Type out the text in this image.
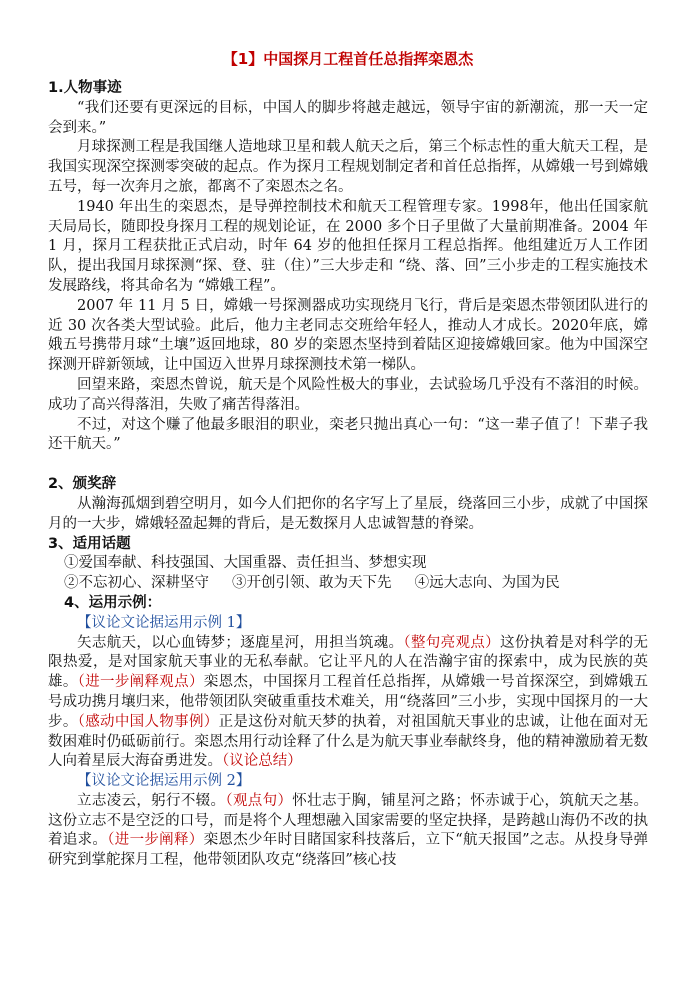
【1】中国探月工程首任总指挥栾恩杰
1.人物事迹

“我们还要有更深远的目标，中国人的脚步将越走越远，领导宇宙的新潮流，那一天一定会到来。”

月球探测工程是我国继人造地球卫星和载人航天之后，第三个标志性的重大航天工程，是我国实现深空探测零突破的起点。作为探月工程规划制定者和首任总指挥，从嫦娥一号到嫦娥五号，每一次奔月之旅，都离不了栾恩杰之名。

1940 年出生的栾恩杰，是导弹控制技术和航天工程管理专家。1998年，他出任国家航天局局长，随即投身探月工程的规划论证，在 2000 多个日子里做了大量前期准备。2004 年 1 月，探月工程获批正式启动，时年 64 岁的他担任探月工程总指挥。他组建近万人工作团队，提出我国月球探测“探、登、驻（住）”三大步走和 “绕、落、回”三小步走的工程实施技术发展路线，将其命名为 “嫦娥工程”。

2007 年 11 月 5 日，嫦娥一号探测器成功实现绕月飞行，背后是栾恩杰带领团队进行的近 30 次各类大型试验。此后，他力主老同志交班给年轻人，推动人才成长。2020年底，嫦娥五号携带月球“土壤”返回地球，80 岁的栾恩杰坚持到着陆区迎接嫦娥回家。他为中国深空探测开辟新领域，让中国迈入世界月球探测技术第一梯队。

回望来路，栾恩杰曾说，航天是个风险性极大的事业，去试验场几乎没有不落泪的时候。成功了高兴得落泪，失败了痛苦得落泪。

不过，对这个赚了他最多眼泪的职业，栾老只抛出真心一句：“这一辈子值了！下辈子我还干航天。”

2、颁奖辞

从瀚海孤烟到碧空明月，如今人们把你的名字写上了星辰，绕落回三小步，成就了中国探月的一大步，嫦娥轻盈起舞的背后，是无数探月人忠诚智慧的脊梁。

3、适用话题
①爱国奉献、科技强国、大国重器、责任担当、梦想实现
②不忘初心、深耕坚守 ③开创引领、敢为天下先 ④远大志向、为国为民
4、运用示例：

【议论文论据运用示例 1】

矢志航天，以心血铸梦；逐鹿星河，用担当筑魂。（整句亮观点）这份执着是对科学的无限热爱，是对国家航天事业的无私奉献。它让平凡的人在浩瀚宇宙的探索中，成为民族的英雄。（进一步阐释观点）栾恩杰，中国探月工程首任总指挥，从嫦娥一号首探深空，到嫦娥五号成功携月壤归来，他带领团队突破重重技术难关，用“绕落回”三小步，实现中国探月的一大步。（感动中国人物事例）正是这份对航天梦的执着，对祖国航天事业的忠诚，让他在面对无数困难时仍砥砺前行。栾恩杰用行动诠释了什么是为航天事业奉献终身，他的精神激励着无数人向着星辰大海奋勇进发。（议论总结）

【议论文论据运用示例 2】

立志凌云，躬行不辍。（观点句）怀壮志于胸，铺星河之路；怀赤诚于心，筑航天之基。这份立志不是空泛的口号，而是将个人理想融入国家需要的坚定抉择，是跨越山海仍不改的执着追求。（进一步阐释）栾恩杰少年时目睹国家科技落后，立下“航天报国”之志。从投身导弹研究到掌舵探月工程，他带领团队攻克“绕落回”核心技
